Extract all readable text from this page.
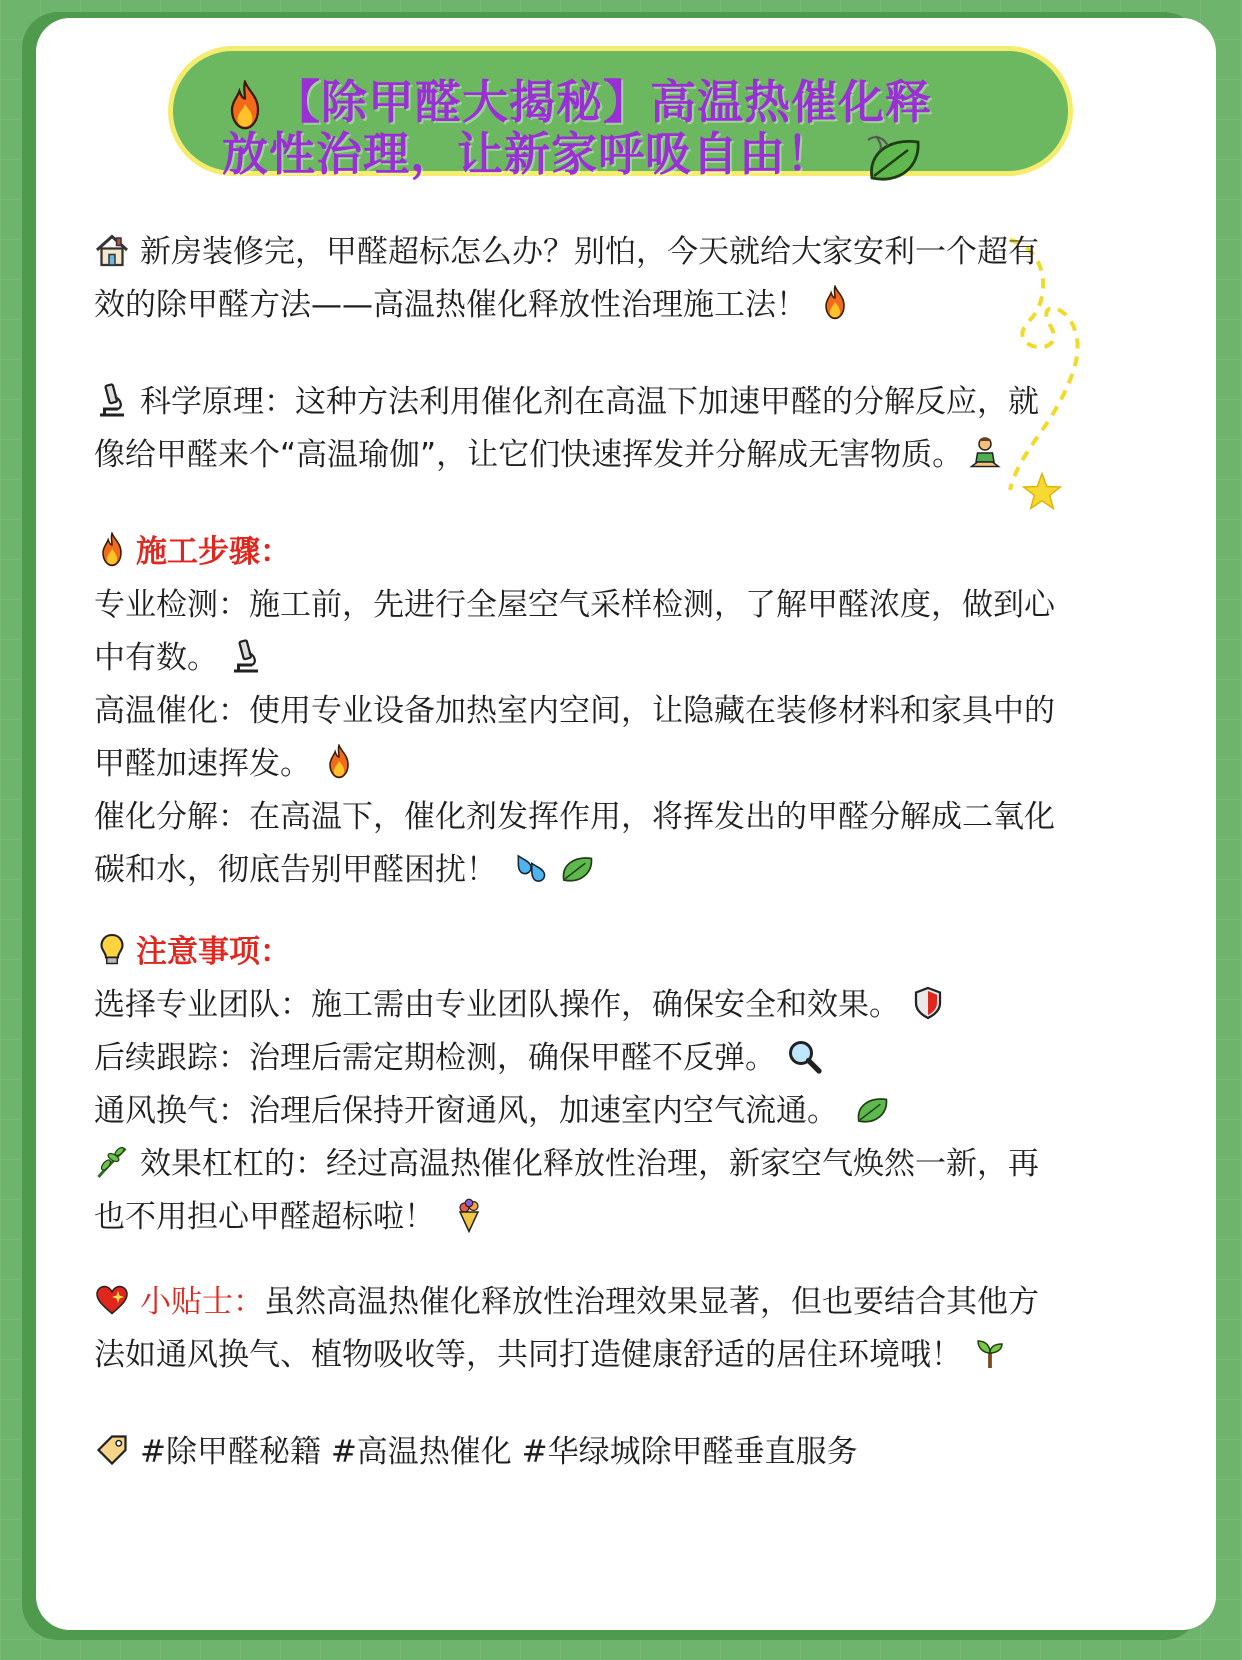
【除甲醛大揭秘】高温热催化释
放性治理，让新家呼吸自由！
新房装修完，甲醛超标怎么办？别怕，今天就给大家安利一个超有
效的除甲醛方法——高温热催化释放性治理施工法！
科学原理：这种方法利用催化剂在高温下加速甲醛的分解反应，就
像给甲醛来个“高温瑜伽”，让它们快速挥发并分解成无害物质。
施工步骤：
专业检测：施工前，先进行全屋空气采样检测，了解甲醛浓度，做到心
中有数。
高温催化：使用专业设备加热室内空间，让隐藏在装修材料和家具中的
甲醛加速挥发。
催化分解：在高温下，催化剂发挥作用，将挥发出的甲醛分解成二氧化
碳和水，彻底告别甲醛困扰！
注意事项：
选择专业团队：施工需由专业团队操作，确保安全和效果。
后续跟踪：治理后需定期检测，确保甲醛不反弹。
通风换气：治理后保持开窗通风，加速室内空气流通。
效果杠杠的：经过高温热催化释放性治理，新家空气焕然一新，再
也不用担心甲醛超标啦！
小贴士：虽然高温热催化释放性治理效果显著，但也要结合其他方
法如通风换气、植物吸收等，共同打造健康舒适的居住环境哦！
#除甲醛秘籍 #高温热催化 #华绿城除甲醛垂直服务
